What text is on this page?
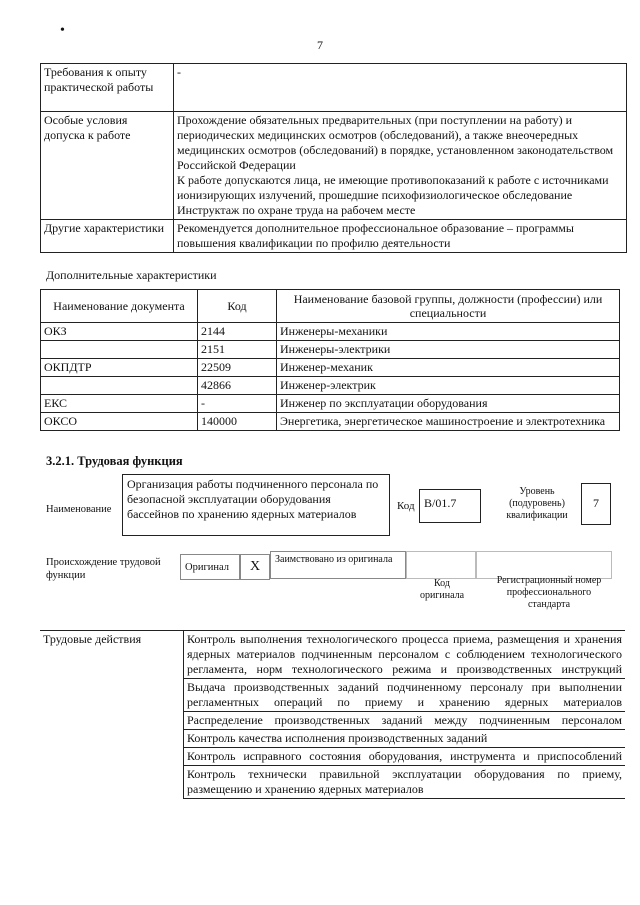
•
7
Требования к опыту практической работы	-

Особые условия допуска к работе	Прохождение обязательных предварительных (при поступлении на работу) и периодических медицинских осмотров (обследований), а также внеочередных медицинских осмотров (обследований) в порядке, установленном законодательством Российской Федерации
К работе допускаются лица, не имеющие противопоказаний к работе с источниками ионизирующих излучений, прошедшие психофизиологическое обследование
Инструктаж по охране труда на рабочем месте

Другие характеристики	Рекомендуется дополнительное профессиональное образование – программы повышения квалификации по профилю деятельности
Дополнительные характеристики
Наименование документа	Код	Наименование базовой группы, должности (профессии) или специальности
ОКЗ	2144	Инженеры-механики
	2151	Инженеры-электрики
ОКПДТР	22509	Инженер-механик
	42866	Инженер-электрик
ЕКС	-	Инженер по эксплуатации оборудования
ОКСО	140000	Энергетика, энергетическое машиностроение и электротехника
3.2.1. Трудовая функция
Наименование
Организация работы подчиненного персонала по безопасной эксплуатации оборудования бассейнов по хранению ядерных материалов
Код В/01.7
Уровень (подуровень) квалификации
7
Происхождение трудовой функции
Оригинал	X	Заимствовано из оригинала
Код оригинала
Регистрационный номер профессионального стандарта
Трудовые действия	Контроль выполнения технологического процесса приема, размещения и хранения ядерных материалов подчиненным персоналом с соблюдением технологического регламента, норм технологического режима и производственных инструкций
Выдача производственных заданий подчиненному персоналу при выполнении регламентных операций по приему и хранению ядерных материалов
Распределение производственных заданий между подчиненным персоналом
Контроль качества исполнения производственных заданий
Контроль исправного состояния оборудования, инструмента и приспособлений
Контроль технически правильной эксплуатации оборудования по приему, размещению и хранению ядерных материалов
